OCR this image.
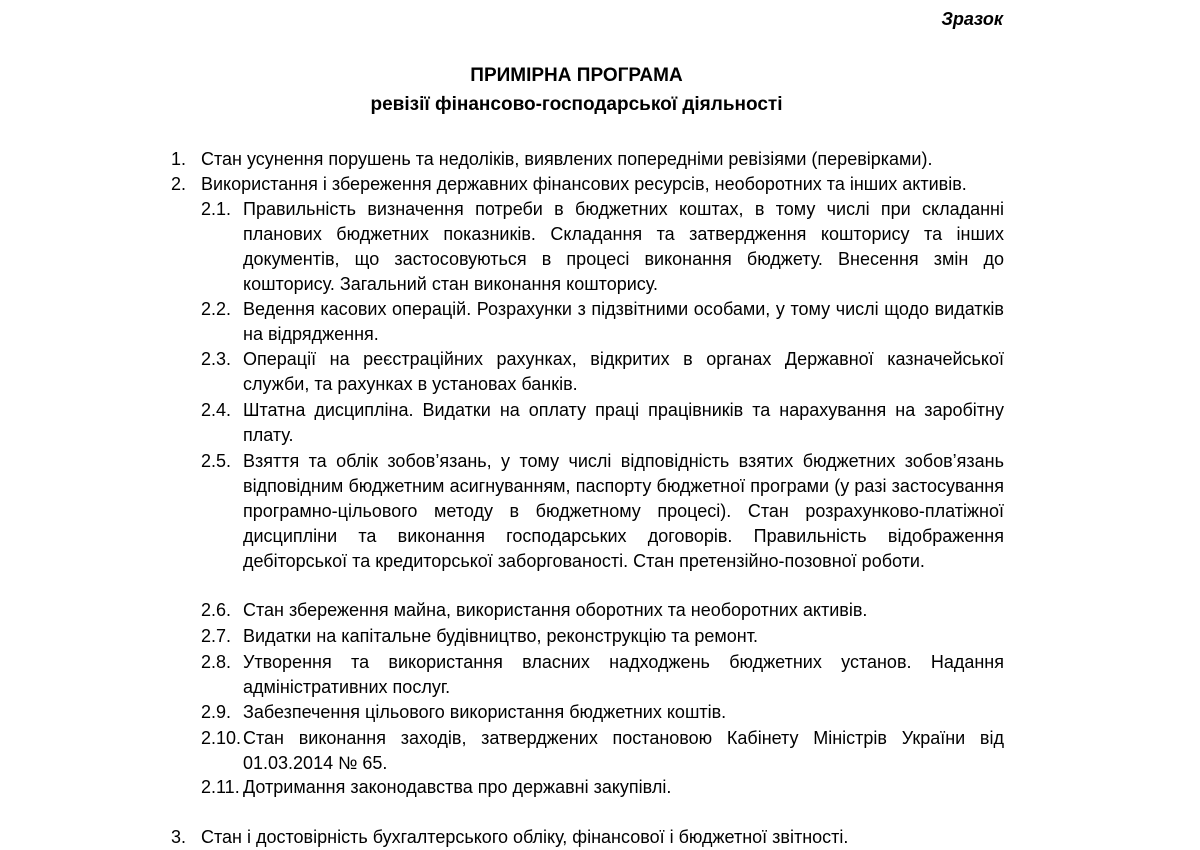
Зразок
ПРИМІРНА ПРОГРАМА
ревізії фінансово-господарської діяльності
1. Стан усунення порушень та недоліків, виявлених попередніми ревізіями (перевірками).
2. Використання і збереження державних фінансових ресурсів, необоротних та інших активів.
2.1. Правильність визначення потреби в бюджетних коштах, в тому числі при складанні планових бюджетних показників. Складання та затвердження кошторису та інших документів, що застосовуються в процесі виконання бюджету. Внесення змін до кошторису. Загальний стан виконання кошторису.
2.2. Ведення касових операцій. Розрахунки з підзвітними особами, у тому числі щодо видатків на відрядження.
2.3. Операції на реєстраційних рахунках, відкритих в органах Державної казначейської служби, та рахунках в установах банків.
2.4. Штатна дисципліна. Видатки на оплату праці працівників та нарахування на заробітну плату.
2.5. Взяття та облік зобов’язань, у тому числі відповідність взятих бюджетних зобов’язань відповідним бюджетним асигнуванням, паспорту бюджетної програми (у разі застосування програмно-цільового методу в бюджетному процесі). Стан розрахунково-платіжної дисципліни та виконання господарських договорів. Правильність відображення дебіторської та кредиторської заборгованості. Стан претензійно-позовної роботи.
2.6. Стан збереження майна, використання оборотних та необоротних активів.
2.7. Видатки на капітальне будівництво, реконструкцію та ремонт.
2.8. Утворення та використання власних надходжень бюджетних установ. Надання адміністративних послуг.
2.9. Забезпечення цільового використання бюджетних коштів.
2.10. Стан виконання заходів, затверджених постановою Кабінету Міністрів України від 01.03.2014 № 65.
2.11. Дотримання законодавства про державні закупівлі.
3. Стан і достовірність бухгалтерського обліку, фінансової і бюджетної звітності.
